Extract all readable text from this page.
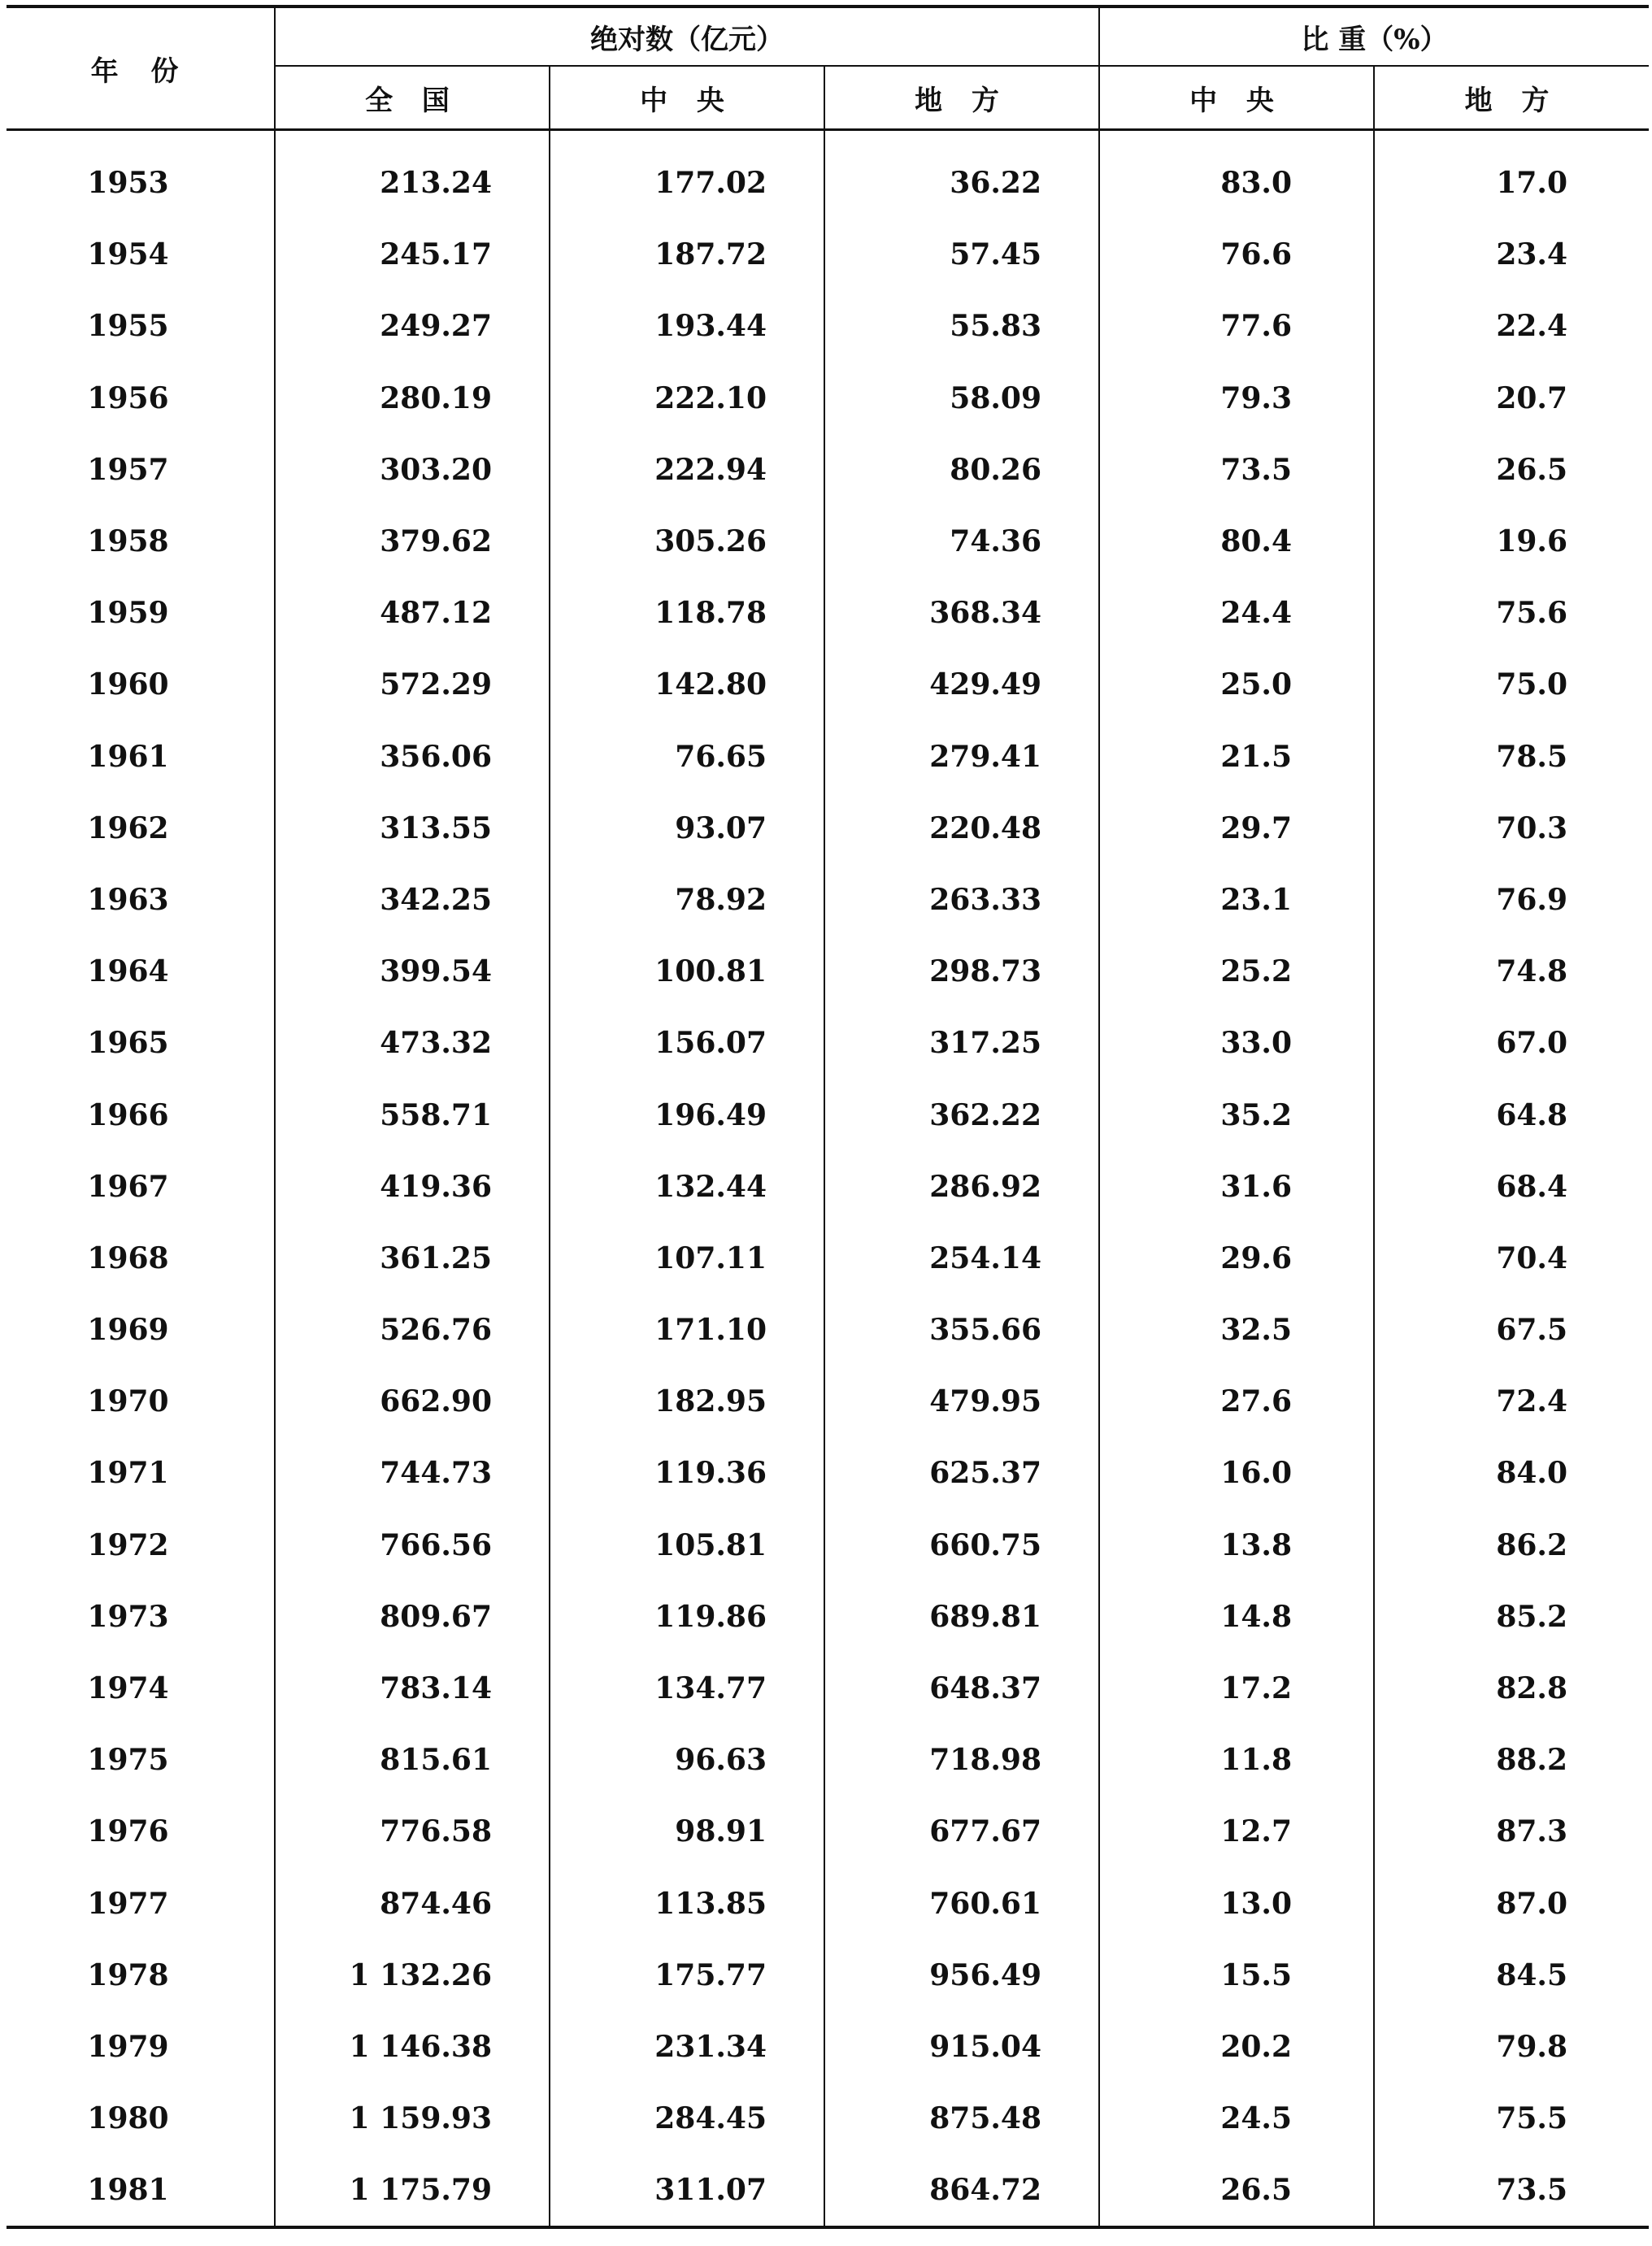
年 份	绝对数（亿元）			比 重（%）	
	全 国	中 央	地 方	中 央	地 方
1953	213.24	177.02	36.22	83.0	17.0
1954	245.17	187.72	57.45	76.6	23.4
1955	249.27	193.44	55.83	77.6	22.4
1956	280.19	222.10	58.09	79.3	20.7
1957	303.20	222.94	80.26	73.5	26.5
1958	379.62	305.26	74.36	80.4	19.6
1959	487.12	118.78	368.34	24.4	75.6
1960	572.29	142.80	429.49	25.0	75.0
1961	356.06	76.65	279.41	21.5	78.5
1962	313.55	93.07	220.48	29.7	70.3
1963	342.25	78.92	263.33	23.1	76.9
1964	399.54	100.81	298.73	25.2	74.8
1965	473.32	156.07	317.25	33.0	67.0
1966	558.71	196.49	362.22	35.2	64.8
1967	419.36	132.44	286.92	31.6	68.4
1968	361.25	107.11	254.14	29.6	70.4
1969	526.76	171.10	355.66	32.5	67.5
1970	662.90	182.95	479.95	27.6	72.4
1971	744.73	119.36	625.37	16.0	84.0
1972	766.56	105.81	660.75	13.8	86.2
1973	809.67	119.86	689.81	14.8	85.2
1974	783.14	134.77	648.37	17.2	82.8
1975	815.61	96.63	718.98	11.8	88.2
1976	776.58	98.91	677.67	12.7	87.3
1977	874.46	113.85	760.61	13.0	87.0
1978	1 132.26	175.77	956.49	15.5	84.5
1979	1 146.38	231.34	915.04	20.2	79.8
1980	1 159.93	284.45	875.48	24.5	75.5
1981	1 175.79	311.07	864.72	26.5	73.5
